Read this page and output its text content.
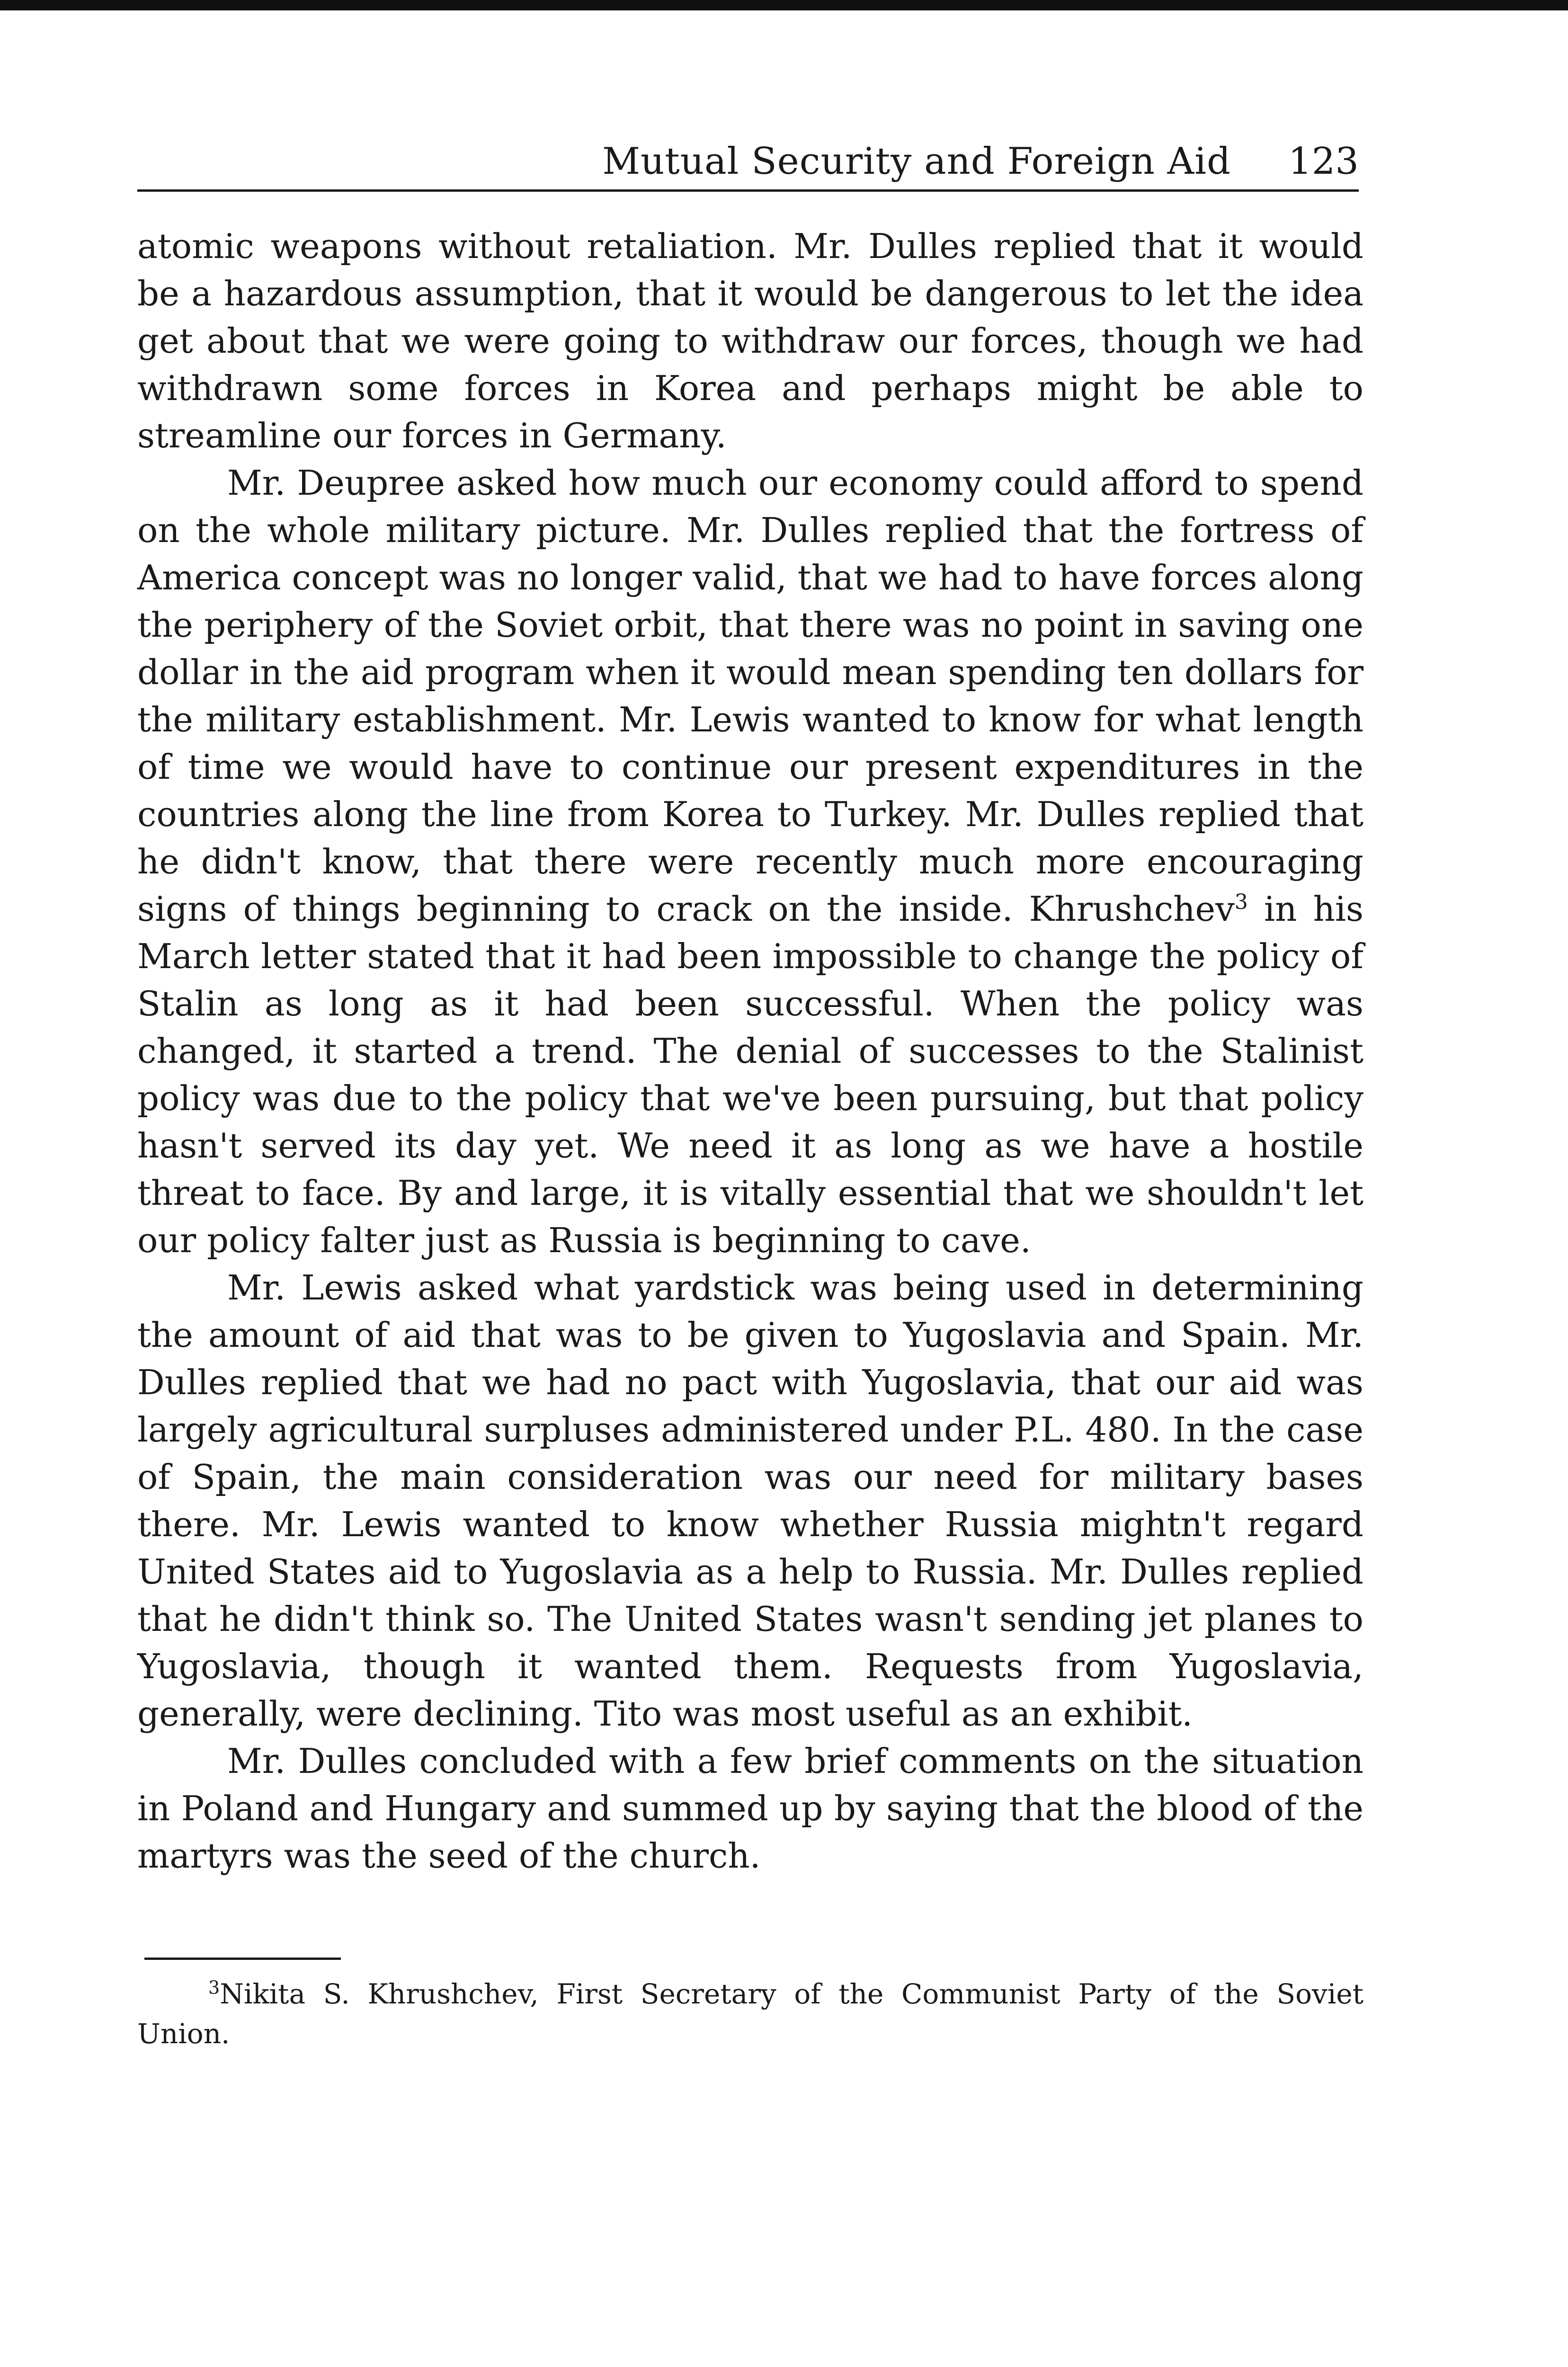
Mutual Security and Foreign Aid 123

atomic weapons without retaliation. Mr. Dulles replied that it would be a hazardous assumption, that it would be dangerous to let the idea get about that we were going to withdraw our forces, though we had withdrawn some forces in Korea and perhaps might be able to streamline our forces in Germany.

Mr. Deupree asked how much our economy could afford to spend on the whole military picture. Mr. Dulles replied that the fortress of America concept was no longer valid, that we had to have forces along the periphery of the Soviet orbit, that there was no point in saving one dollar in the aid program when it would mean spending ten dollars for the military establishment. Mr. Lewis wanted to know for what length of time we would have to continue our present expenditures in the countries along the line from Korea to Turkey. Mr. Dulles replied that he didn't know, that there were recently much more encouraging signs of things beginning to crack on the inside. Khrushchev$^3$ in his March letter stated that it had been impossible to change the policy of Stalin as long as it had been successful. When the policy was changed, it started a trend. The denial of successes to the Stalinist policy was due to the policy that we've been pursuing, but that policy hasn't served its day yet. We need it as long as we have a hostile threat to face. By and large, it is vitally essential that we shouldn't let our policy falter just as Russia is beginning to cave.

Mr. Lewis asked what yardstick was being used in determining the amount of aid that was to be given to Yugoslavia and Spain. Mr. Dulles replied that we had no pact with Yugoslavia, that our aid was largely agricultural surpluses administered under P.L. 480. In the case of Spain, the main consideration was our need for military bases there. Mr. Lewis wanted to know whether Russia mightn't regard United States aid to Yugoslavia as a help to Russia. Mr. Dulles replied that he didn't think so. The United States wasn't sending jet planes to Yugoslavia, though it wanted them. Requests from Yugoslavia, generally, were declining. Tito was most useful as an exhibit.

Mr. Dulles concluded with a few brief comments on the situation in Poland and Hungary and summed up by saying that the blood of the martyrs was the seed of the church.

$^3$Nikita S. Khrushchev, First Secretary of the Communist Party of the Soviet Union.
